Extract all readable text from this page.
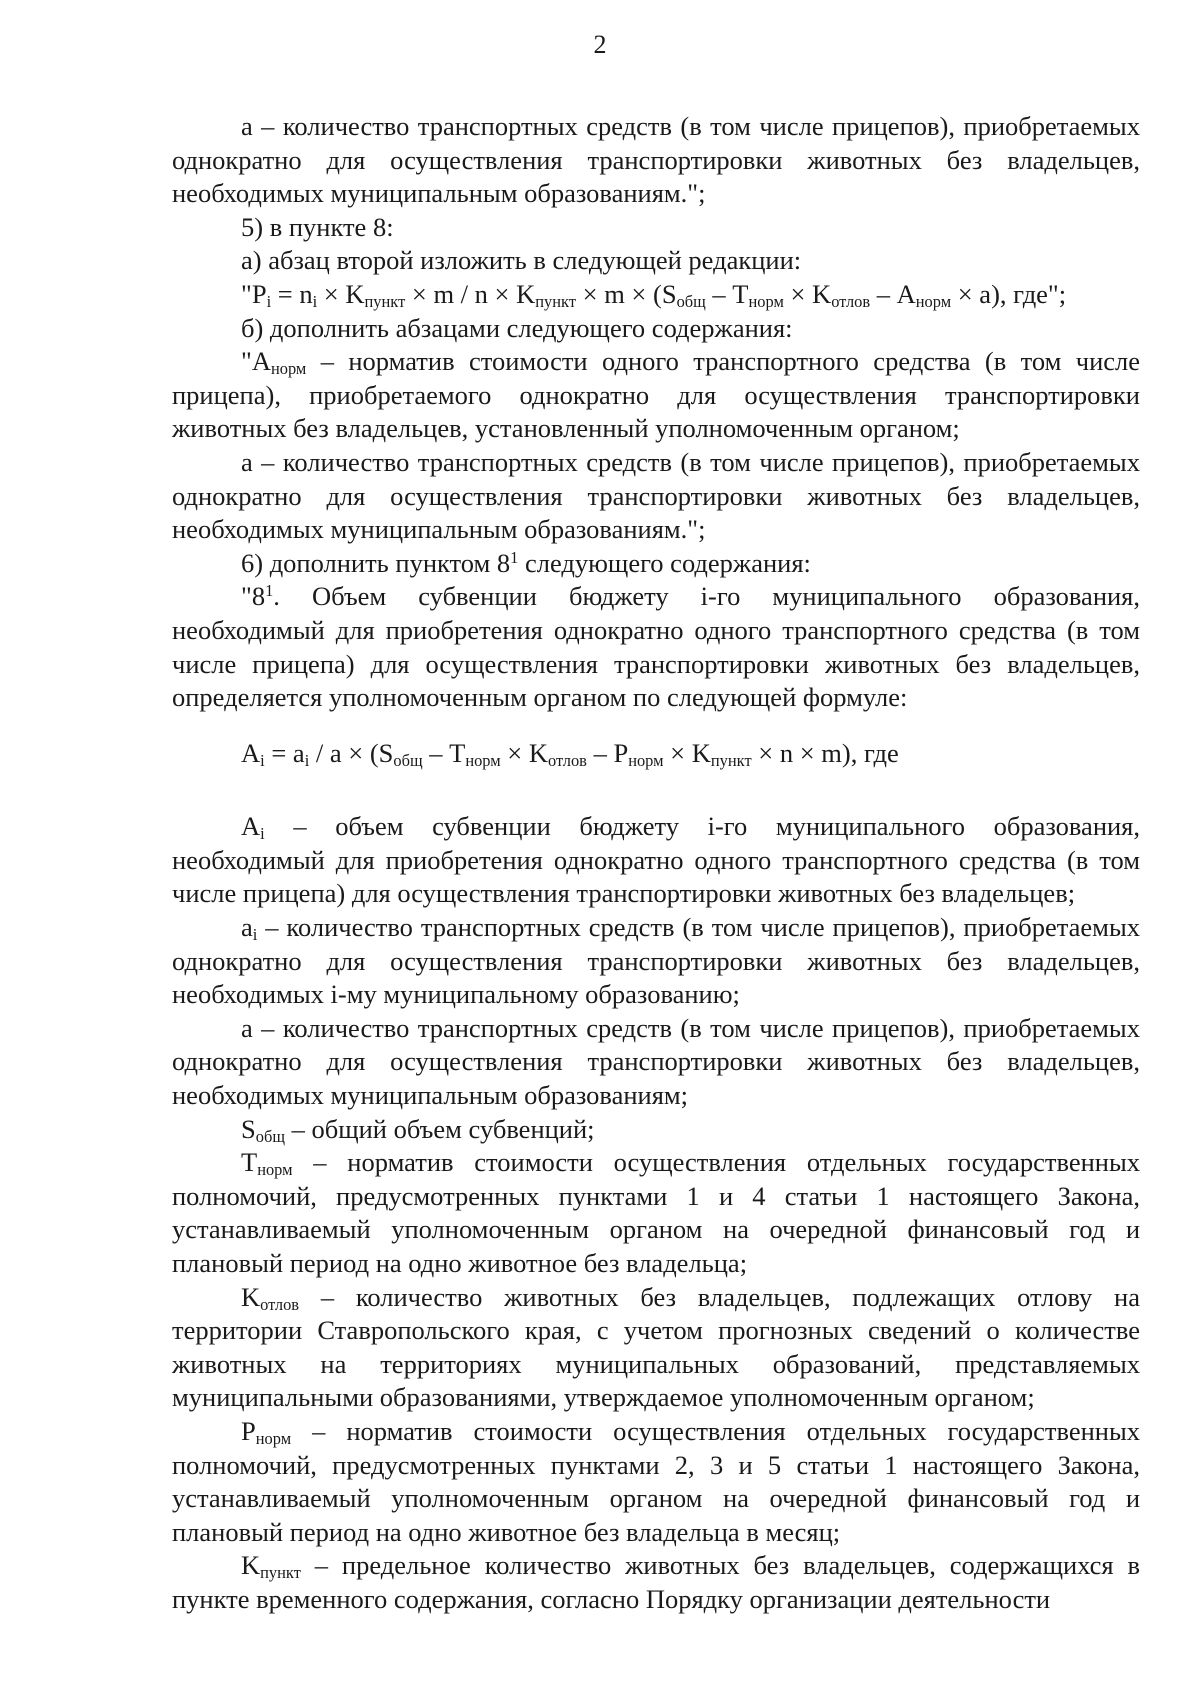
2

а – количество транспортных средств (в том числе прицепов), приобретаемых однократно для осуществления транспортировки животных без владельцев, необходимых муниципальным образованиям.";

5) в пункте 8:

а) абзац второй изложить в следующей редакции:

"$P_i = n_i \times K_{пункт} \times m / n \times K_{пункт} \times m \times (S_{общ} - T_{норм} \times K_{отлов} - A_{норм} \times a)$, где";

б) дополнить абзацами следующего содержания:

"$A_{норм}$ – норматив стоимости одного транспортного средства (в том числе прицепа), приобретаемого однократно для осуществления транспортировки животных без владельцев, установленный уполномоченным органом;

а – количество транспортных средств (в том числе прицепов), приобретаемых однократно для осуществления транспортировки животных без владельцев, необходимых муниципальным образованиям.";

6) дополнить пунктом $8^1$ следующего содержания:

"$8^1$. Объем субвенции бюджету i-го муниципального образования, необходимый для приобретения однократно одного транспортного средства (в том числе прицепа) для осуществления транспортировки животных без владельцев, определяется уполномоченным органом по следующей формуле:

$A_i = a_i / a \times (S_{общ} - T_{норм} \times K_{отлов} - P_{норм} \times K_{пункт} \times n \times m)$, где

$A_i$ – объем субвенции бюджету i-го муниципального образования, необходимый для приобретения однократно одного транспортного средства (в том числе прицепа) для осуществления транспортировки животных без владельцев;

$a_i$ – количество транспортных средств (в том числе прицепов), приобретаемых однократно для осуществления транспортировки животных без владельцев, необходимых i-му муниципальному образованию;

а – количество транспортных средств (в том числе прицепов), приобретаемых однократно для осуществления транспортировки животных без владельцев, необходимых муниципальным образованиям;

$S_{общ}$ – общий объем субвенций;

$T_{норм}$ – норматив стоимости осуществления отдельных государственных полномочий, предусмотренных пунктами 1 и 4 статьи 1 настоящего Закона, устанавливаемый уполномоченным органом на очередной финансовый год и плановый период на одно животное без владельца;

$K_{отлов}$ – количество животных без владельцев, подлежащих отлову на территории Ставропольского края, с учетом прогнозных сведений о количестве животных на территориях муниципальных образований, представляемых муниципальными образованиями, утверждаемое уполномоченным органом;

$P_{норм}$ – норматив стоимости осуществления отдельных государственных полномочий, предусмотренных пунктами 2, 3 и 5 статьи 1 настоящего Закона, устанавливаемый уполномоченным органом на очередной финансовый год и плановый период на одно животное без владельца в месяц;

$K_{пункт}$ – предельное количество животных без владельцев, содержащихся в пункте временного содержания, согласно Порядку организации деятельности
